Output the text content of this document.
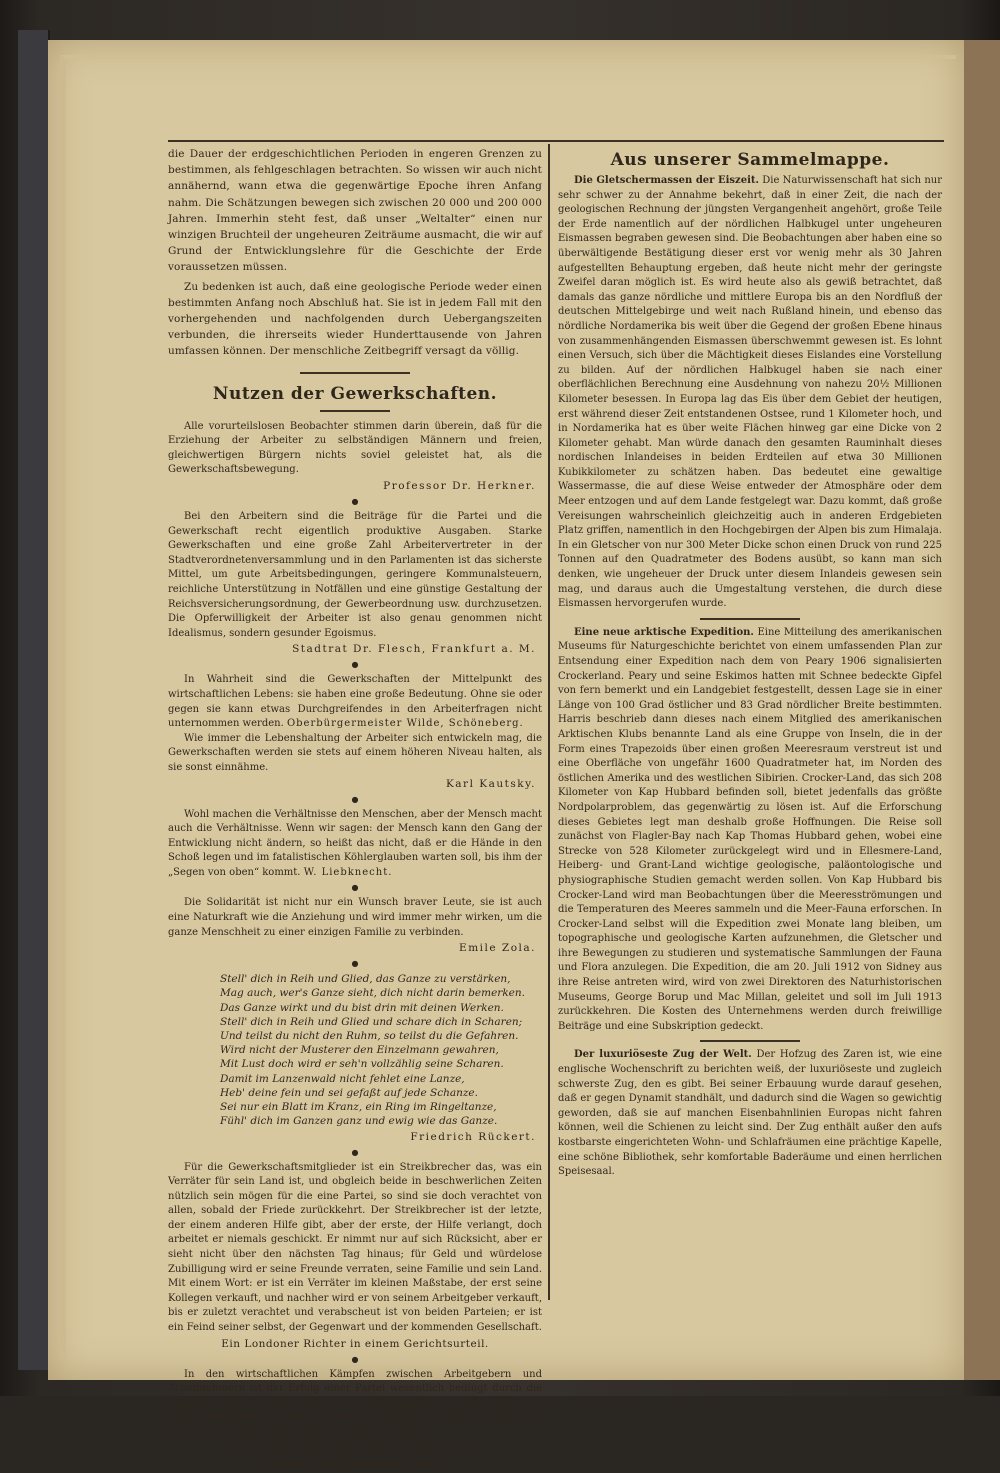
die Dauer der erdgeschichtlichen Perioden in engeren Grenzen zu bestimmen, als fehlgeschlagen betrachten. So wissen wir auch nicht annähernd, wann etwa die gegenwärtige Epoche ihren Anfang nahm. Die Schätzungen bewegen sich zwischen 20 000 und 200 000 Jahren. Immerhin steht fest, daß unser „Weltalter“ einen nur winzigen Bruchteil der ungeheuren Zeiträume ausmacht, die wir auf Grund der Entwicklungslehre für die Geschichte der Erde voraussetzen müssen.

Zu bedenken ist auch, daß eine geologische Periode weder einen bestimmten Anfang noch Abschluß hat. Sie ist in jedem Fall mit den vorhergehenden und nachfolgenden durch Uebergangszeiten verbunden, die ihrerseits wieder Hunderttausende von Jahren umfassen können. Der menschliche Zeitbegriff versagt da völlig.

Nutzen der Gewerkschaften.

Alle vorurteilslosen Beobachter stimmen darin überein, daß für die Erziehung der Arbeiter zu selbständigen Männern und freien, gleichwertigen Bürgern nichts soviel geleistet hat, als die Gewerkschaftsbewegung.

Professor Dr. Herkner.
●

Bei den Arbeitern sind die Beiträge für die Partei und die Gewerkschaft recht eigentlich produktive Ausgaben. Starke Gewerkschaften und eine große Zahl Arbeitervertreter in der Stadtverordnetenversammlung und in den Parlamenten ist das sicherste Mittel, um gute Arbeitsbedingungen, geringere Kommunalsteuern, reichliche Unterstützung in Notfällen und eine günstige Gestaltung der Reichsversicherungsordnung, der Gewerbeordnung usw. durchzusetzen. Die Opferwilligkeit der Arbeiter ist also genau genommen nicht Idealismus, sondern gesunder Egoismus.

Stadtrat Dr. Flesch, Frankfurt a. M.
●

In Wahrheit sind die Gewerkschaften der Mittelpunkt des wirtschaftlichen Lebens: sie haben eine große Bedeutung. Ohne sie oder gegen sie kann etwas Durchgreifendes in den Arbeiterfragen nicht unternommen werden. Oberbürgermeister Wilde, Schöneberg.

Wie immer die Lebenshaltung der Arbeiter sich entwickeln mag, die Gewerkschaften werden sie stets auf einem höheren Niveau halten, als sie sonst einnähme.

Karl Kautsky.
●

Wohl machen die Verhältnisse den Menschen, aber der Mensch macht auch die Verhältnisse. Wenn wir sagen: der Mensch kann den Gang der Entwicklung nicht ändern, so heißt das nicht, daß er die Hände in den Schoß legen und im fatalistischen Köhlerglauben warten soll, bis ihm der „Segen von oben“ kommt. W. Liebknecht.

●

Die Solidarität ist nicht nur ein Wunsch braver Leute, sie ist auch eine Naturkraft wie die Anziehung und wird immer mehr wirken, um die ganze Menschheit zu einer einzigen Familie zu verbinden.

Emile Zola.
●
Stell' dich in Reih und Glied, das Ganze zu verstärken,
Mag auch, wer's Ganze sieht, dich nicht darin bemerken.
Das Ganze wirkt und du bist drin mit deinen Werken.
Stell' dich in Reih und Glied und schare dich in Scharen;
Und teilst du nicht den Ruhm, so teilst du die Gefahren.
Wird nicht der Musterer den Einzelmann gewahren,
Mit Lust doch wird er seh'n vollzählig seine Scharen.
Damit im Lanzenwald nicht fehlet eine Lanze,
Heb' deine fein und sei gefaßt auf jede Schanze.
Sei nur ein Blatt im Kranz, ein Ring im Ringeltanze,
Fühl' dich im Ganzen ganz und ewig wie das Ganze.
Friedrich Rückert.
●

Für die Gewerkschaftsmitglieder ist ein Streikbrecher das, was ein Verräter für sein Land ist, und obgleich beide in beschwerlichen Zeiten nützlich sein mögen für die eine Partei, so sind sie doch verachtet von allen, sobald der Friede zurückkehrt. Der Streikbrecher ist der letzte, der einem anderen Hilfe gibt, aber der erste, der Hilfe verlangt, doch arbeitet er niemals geschickt. Er nimmt nur auf sich Rücksicht, aber er sieht nicht über den nächsten Tag hinaus; für Geld und würdelose Zubilligung wird er seine Freunde verraten, seine Familie und sein Land. Mit einem Wort: er ist ein Verräter im kleinen Maßstabe, der erst seine Kollegen verkauft, und nachher wird er von seinem Arbeitgeber verkauft, bis er zuletzt verachtet und verabscheut ist von beiden Parteien; er ist ein Feind seiner selbst, der Gegenwart und der kommenden Gesellschaft.

Ein Londoner Richter in einem Gerichtsurteil.
●

In den wirtschaftlichen Kämpfen zwischen Arbeitgebern und Arbeitnehmern ist der Erfolg einer Partei wesentlich bedingt durch die Einigkeit und Geschlossenheit der Standesgenossen. Wer durch ein Sonderabkommen mit dem Gegner die Einigkeit zerstört, schädigt die Interessen seiner Standesgenossen aufs schwerste.

6. Zivilsenat des deutschen Reichsgerichts.
Urteil vom 8. Februar 1909.
Aus unserer Sammelmappe.

Die Gletschermassen der Eiszeit. Die Naturwissenschaft hat sich nur sehr schwer zu der Annahme bekehrt, daß in einer Zeit, die nach der geologischen Rechnung der jüngsten Vergangenheit angehört, große Teile der Erde namentlich auf der nördlichen Halbkugel unter ungeheuren Eismassen begraben gewesen sind. Die Beobachtungen aber haben eine so überwältigende Bestätigung dieser erst vor wenig mehr als 30 Jahren aufgestellten Behauptung ergeben, daß heute nicht mehr der geringste Zweifel daran möglich ist. Es wird heute also als gewiß betrachtet, daß damals das ganze nördliche und mittlere Europa bis an den Nordfluß der deutschen Mittelgebirge und weit nach Rußland hinein, und ebenso das nördliche Nordamerika bis weit über die Gegend der großen Ebene hinaus von zusammenhängenden Eismassen überschwemmt gewesen ist. Es lohnt einen Versuch, sich über die Mächtigkeit dieses Eislandes eine Vorstellung zu bilden. Auf der nördlichen Halbkugel haben sie nach einer oberflächlichen Berechnung eine Ausdehnung von nahezu 20½ Millionen Kilometer besessen. In Europa lag das Eis über dem Gebiet der heutigen, erst während dieser Zeit entstandenen Ostsee, rund 1 Kilometer hoch, und in Nordamerika hat es über weite Flächen hinweg gar eine Dicke von 2 Kilometer gehabt. Man würde danach den gesamten Rauminhalt dieses nordischen Inlandeises in beiden Erdteilen auf etwa 30 Millionen Kubikkilometer zu schätzen haben. Das bedeutet eine gewaltige Wassermasse, die auf diese Weise entweder der Atmosphäre oder dem Meer entzogen und auf dem Lande festgelegt war. Dazu kommt, daß große Vereisungen wahrscheinlich gleichzeitig auch in anderen Erdgebieten Platz griffen, namentlich in den Hochgebirgen der Alpen bis zum Himalaja. In ein Gletscher von nur 300 Meter Dicke schon einen Druck von rund 225 Tonnen auf den Quadratmeter des Bodens ausübt, so kann man sich denken, wie ungeheuer der Druck unter diesem Inlandeis gewesen sein mag, und daraus auch die Umgestaltung verstehen, die durch diese Eismassen hervorgerufen wurde.

Eine neue arktische Expedition. Eine Mitteilung des amerikanischen Museums für Naturgeschichte berichtet von einem umfassenden Plan zur Entsendung einer Expedition nach dem von Peary 1906 signalisierten Crockerland. Peary und seine Eskimos hatten mit Schnee bedeckte Gipfel von fern bemerkt und ein Landgebiet festgestellt, dessen Lage sie in einer Länge von 100 Grad östlicher und 83 Grad nördlicher Breite bestimmten. Harris beschrieb dann dieses nach einem Mitglied des amerikanischen Arktischen Klubs benannte Land als eine Gruppe von Inseln, die in der Form eines Trapezoids über einen großen Meeresraum verstreut ist und eine Oberfläche von ungefähr 1600 Quadratmeter hat, im Norden des östlichen Amerika und des westlichen Sibirien. Crocker-Land, das sich 208 Kilometer von Kap Hubbard befinden soll, bietet jedenfalls das größte Nordpolarproblem, das gegenwärtig zu lösen ist. Auf die Erforschung dieses Gebietes legt man deshalb große Hoffnungen. Die Reise soll zunächst von Flagler-Bay nach Kap Thomas Hubbard gehen, wobei eine Strecke von 528 Kilometer zurückgelegt wird und in Ellesmere-Land, Heiberg- und Grant-Land wichtige geologische, paläontologische und physiographische Studien gemacht werden sollen. Von Kap Hubbard bis Crocker-Land wird man Beobachtungen über die Meeresströmungen und die Temperaturen des Meeres sammeln und die Meer-Fauna erforschen. In Crocker-Land selbst will die Expedition zwei Monate lang bleiben, um topographische und geologische Karten aufzunehmen, die Gletscher und ihre Bewegungen zu studieren und systematische Sammlungen der Fauna und Flora anzulegen. Die Expedition, die am 20. Juli 1912 von Sidney aus ihre Reise antreten wird, wird von zwei Direktoren des Naturhistorischen Museums, George Borup und Mac Millan, geleitet und soll im Juli 1913 zurückkehren. Die Kosten des Unternehmens werden durch freiwillige Beiträge und eine Subskription gedeckt.

Der luxuriöseste Zug der Welt. Der Hofzug des Zaren ist, wie eine englische Wochenschrift zu berichten weiß, der luxuriöseste und zugleich schwerste Zug, den es gibt. Bei seiner Erbauung wurde darauf gesehen, daß er gegen Dynamit standhält, und dadurch sind die Wagen so gewichtig geworden, daß sie auf manchen Eisenbahnlinien Europas nicht fahren können, weil die Schienen zu leicht sind. Der Zug enthält außer den aufs kostbarste eingerichteten Wohn- und Schlafräumen eine prächtige Kapelle, eine schöne Bibliothek, sehr komfortable Baderäume und einen herrlichen Speisesaal.
